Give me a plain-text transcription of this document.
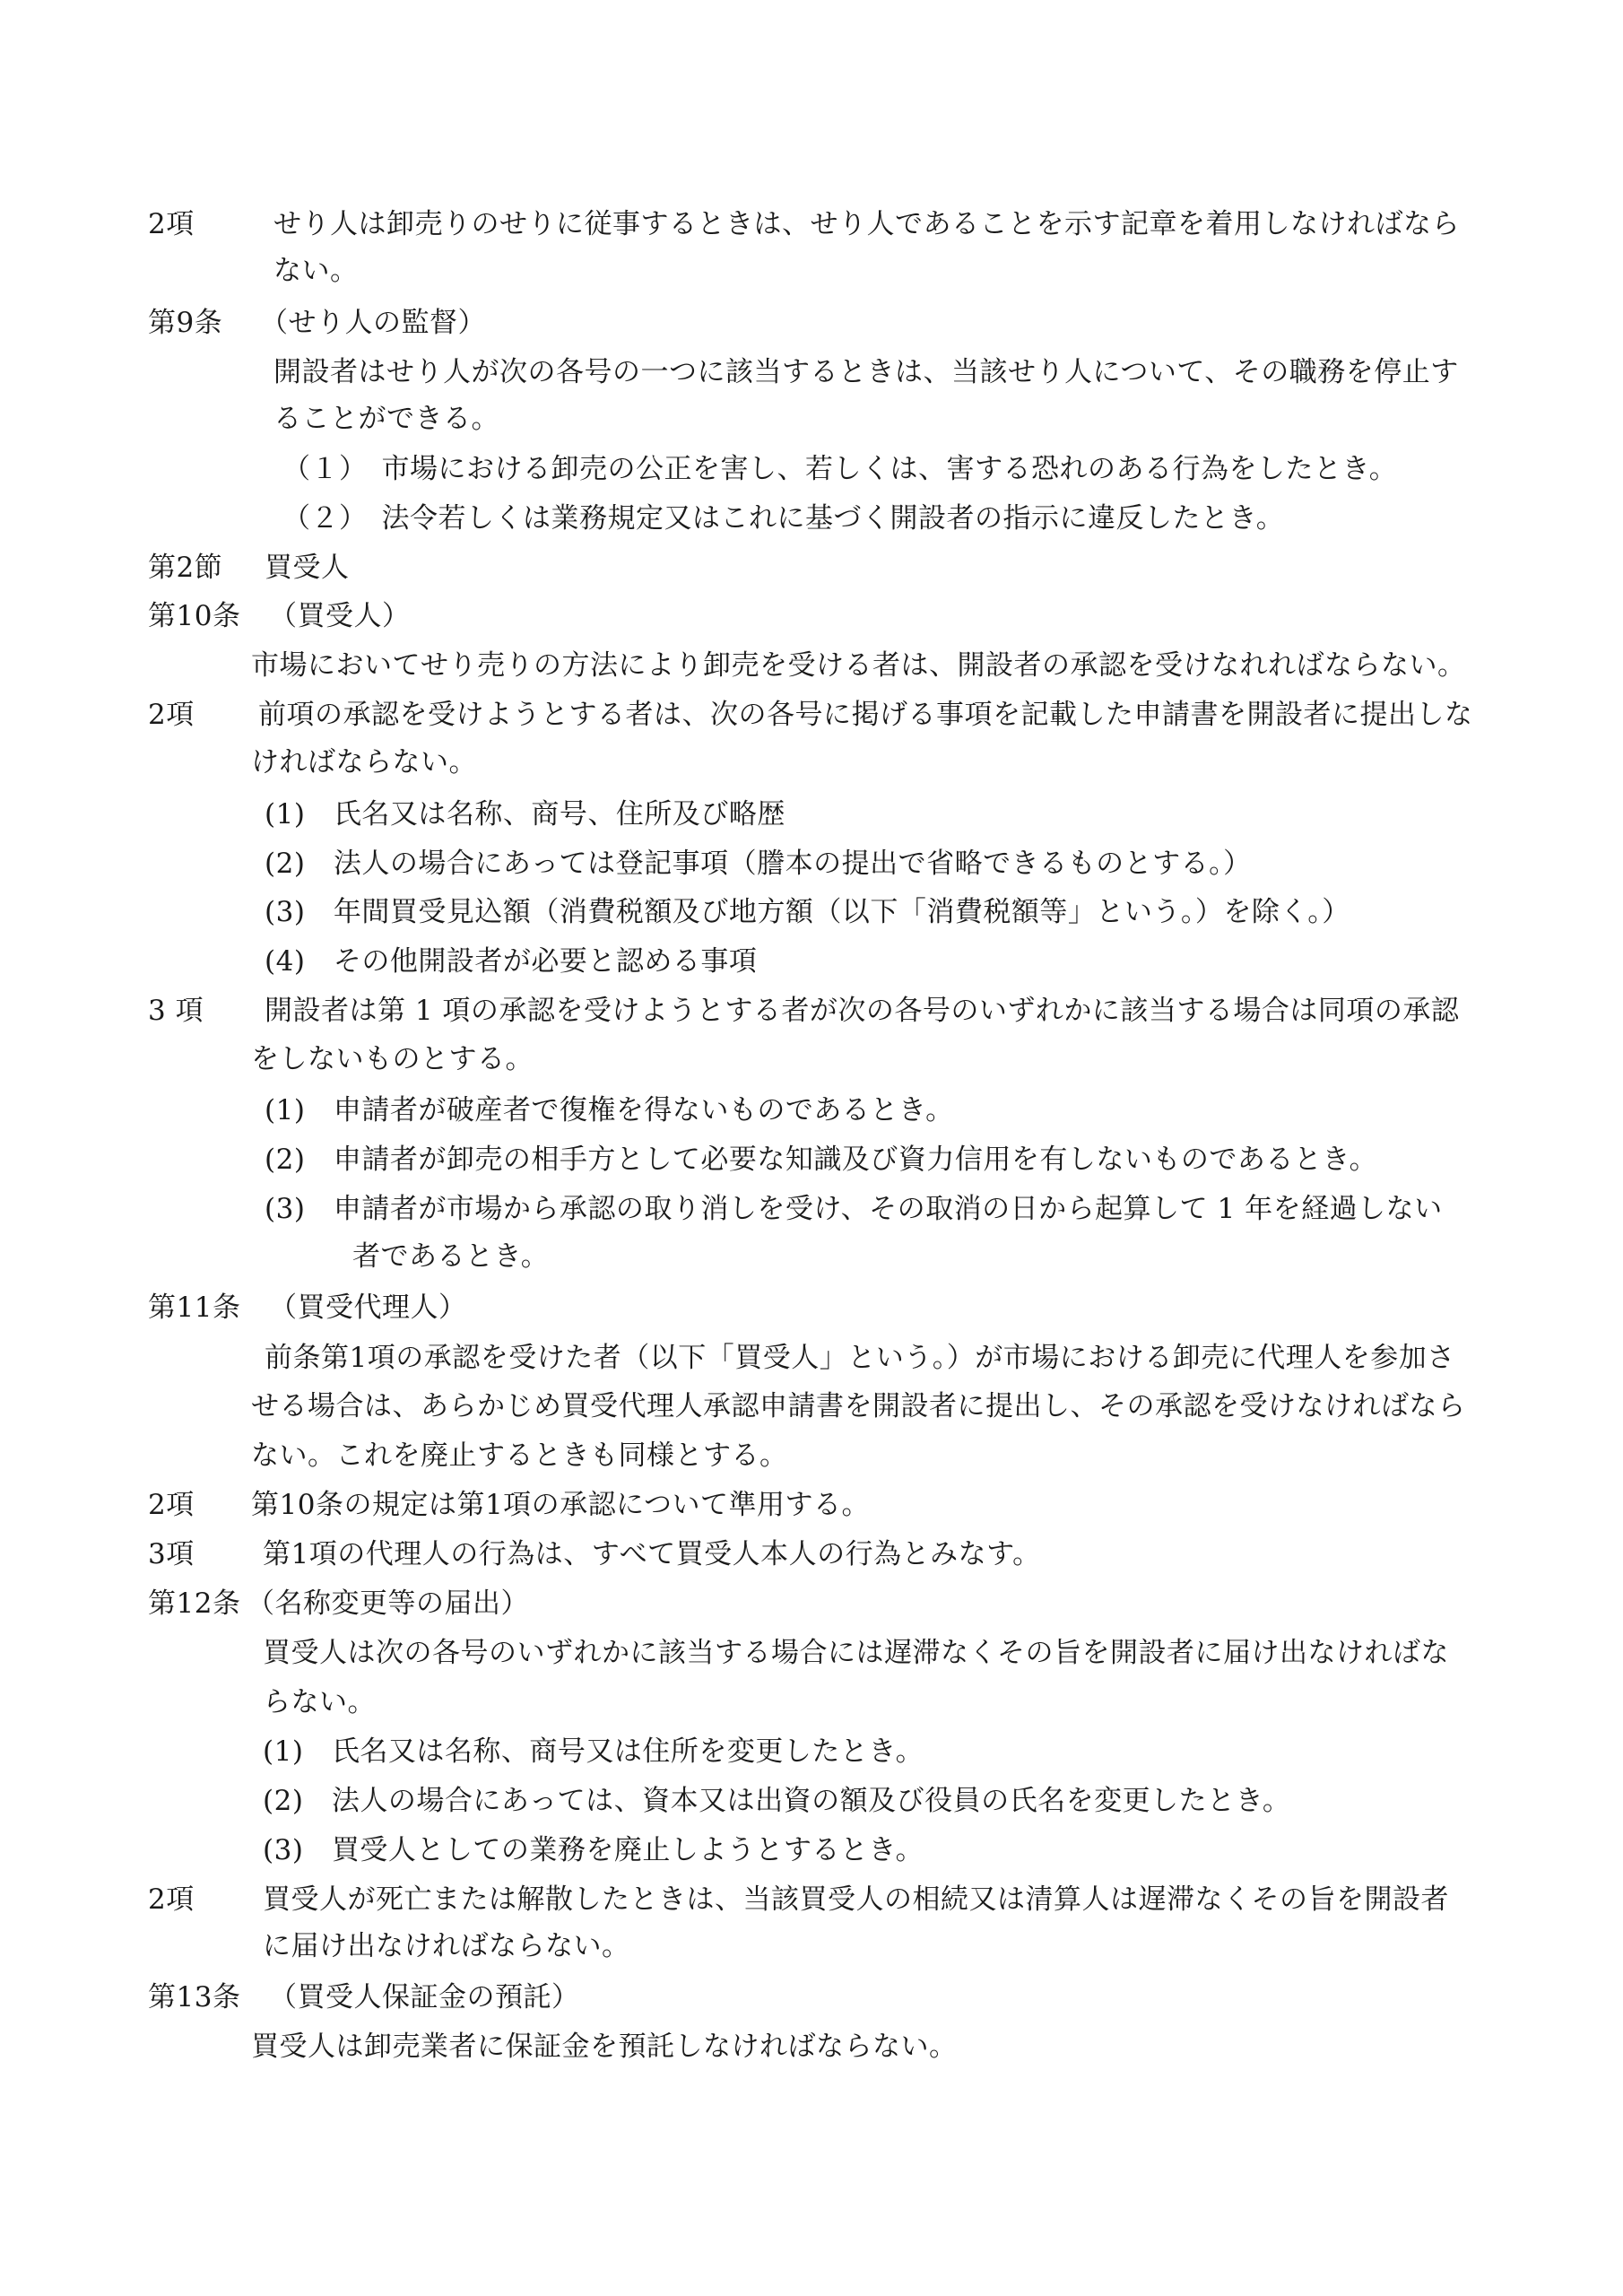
2項	せり人は卸売りのせりに従事するときは、せり人であることを示す記章を着用しなければなら
ない。
第9条 （せり人の監督）
開設者はせり人が次の各号の一つに該当するときは、当該せり人について、その職務を停止す
ることができる。
（１）　市場における卸売の公正を害し、若しくは、害する恐れのある行為をしたとき。
（２）　法令若しくは業務規定又はこれに基づく開設者の指示に違反したとき。
第2節 買受人
第10条 （買受人）
市場においてせり売りの方法により卸売を受ける者は、開設者の承認を受けなれればならない。
2項 前項の承認を受けようとする者は、次の各号に掲げる事項を記載した申請書を開設者に提出しな
ければならない。
(1)　氏名又は名称、商号、住所及び略歴
(2)　法人の場合にあっては登記事項（謄本の提出で省略できるものとする。）
(3)　年間買受見込額（消費税額及び地方額（以下「消費税額等」という。）を除く。）
(4)　その他開設者が必要と認める事項
3 項 開設者は第 1 項の承認を受けようとする者が次の各号のいずれかに該当する場合は同項の承認
をしないものとする。
(1)　申請者が破産者で復権を得ないものであるとき。
(2)　申請者が卸売の相手方として必要な知識及び資力信用を有しないものであるとき。
(3)　申請者が市場から承認の取り消しを受け、その取消の日から起算して 1 年を経過しない
者であるとき。
第11条 （買受代理人）
前条第1項の承認を受けた者（以下「買受人」という。）が市場における卸売に代理人を参加さ
せる場合は、あらかじめ買受代理人承認申請書を開設者に提出し、その承認を受けなければなら
ない。これを廃止するときも同様とする。
2項 第10条の規定は第1項の承認について準用する。
3項 第1項の代理人の行為は、すべて買受人本人の行為とみなす。
第12条 （名称変更等の届出）
買受人は次の各号のいずれかに該当する場合には遅滞なくその旨を開設者に届け出なければな
らない。
(1)　氏名又は名称、商号又は住所を変更したとき。
(2)　法人の場合にあっては、資本又は出資の額及び役員の氏名を変更したとき。
(3)　買受人としての業務を廃止しようとするとき。
2項 買受人が死亡または解散したときは、当該買受人の相続又は清算人は遅滞なくその旨を開設者
に届け出なければならない。
第13条 （買受人保証金の預託）
買受人は卸売業者に保証金を預託しなければならない。
